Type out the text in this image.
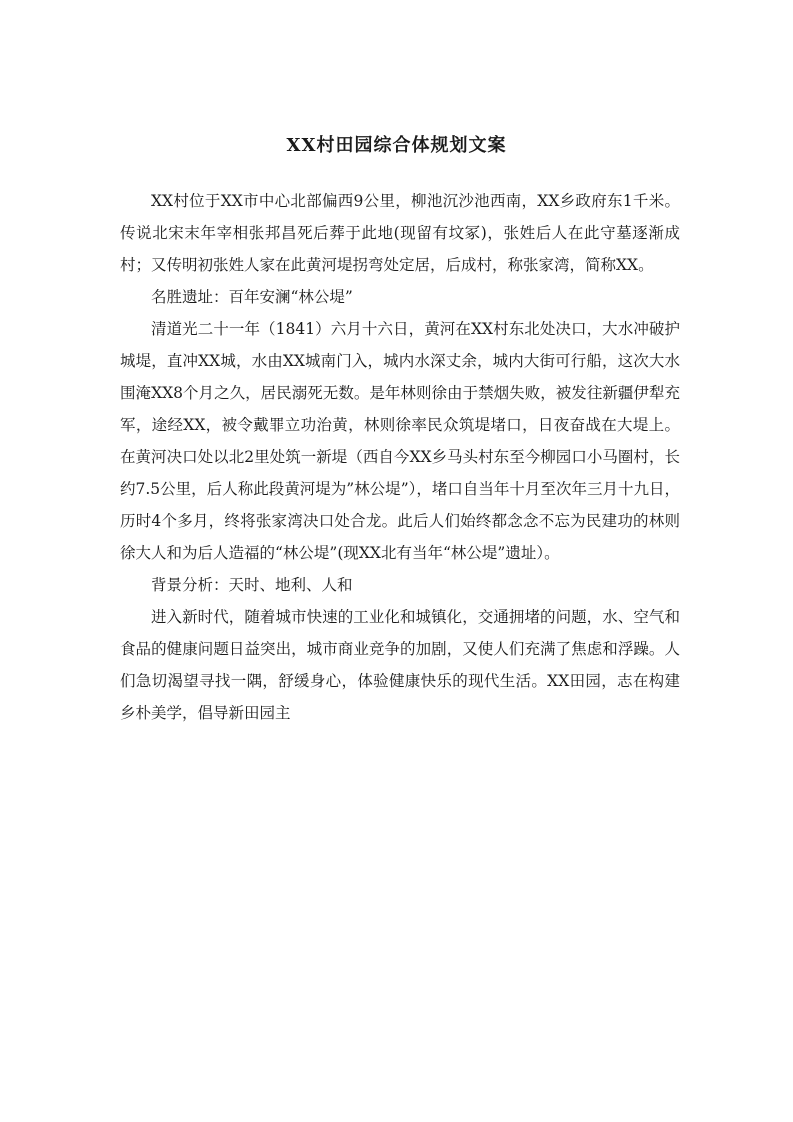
XX村田园综合体规划文案

XX村位于XX市中心北部偏西9公里，柳池沉沙池西南，XX乡政府东1千米。传说北宋末年宰相张邦昌死后葬于此地(现留有坟冢)，张姓后人在此守墓逐渐成村；又传明初张姓人家在此黄河堤拐弯处定居，后成村，称张家湾，简称XX。

名胜遗址：百年安澜“林公堤”

清道光二十一年（1841）六月十六日，黄河在XX村东北处决口，大水冲破护城堤，直冲XX城，水由XX城南门入，城内水深丈余，城内大街可行船，这次大水围淹XX8个月之久，居民溺死无数。是年林则徐由于禁烟失败，被发往新疆伊犁充军，途经XX，被令戴罪立功治黄，林则徐率民众筑堤堵口，日夜奋战在大堤上。在黄河决口处以北2里处筑一新堤（西自今XX乡马头村东至今柳园口小马圈村，长约7.5公里，后人称此段黄河堤为”林公堤”），堵口自当年十月至次年三月十九日，历时4个多月，终将张家湾决口处合龙。此后人们始终都念念不忘为民建功的林则徐大人和为后人造福的“林公堤”(现XX北有当年“林公堤”遗址）。

背景分析：天时、地利、人和

进入新时代，随着城市快速的工业化和城镇化，交通拥堵的问题，水、空气和食品的健康问题日益突出，城市商业竞争的加剧，又使人们充满了焦虑和浮躁。人们急切渴望寻找一隅，舒缓身心，体验健康快乐的现代生活。XX田园，志在构建乡朴美学，倡导新田园主
